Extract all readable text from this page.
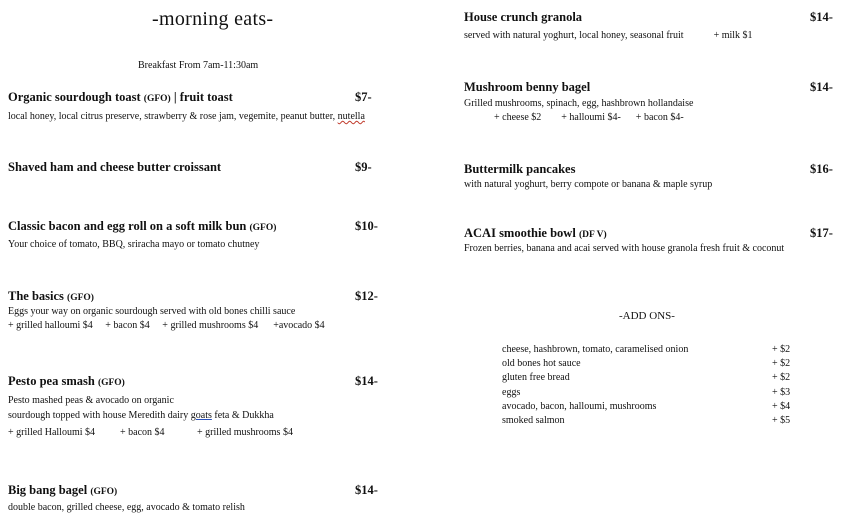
-morning eats-
Breakfast From 7am-11:30am
Organic sourdough toast (GFO) | fruit toast	$7-
local honey, local citrus preserve, strawberry & rose jam, vegemite, peanut butter, nutella
Shaved ham and cheese butter croissant	$9-
Classic bacon and egg roll on a soft milk bun (GFO)	$10-
Your choice of tomato, BBQ, sriracha mayo or tomato chutney
The basics (GFO)	$12-
Eggs your way on organic sourdough served with old bones chilli sauce
+ grilled halloumi $4     + bacon $4     + grilled mushrooms $4      +avocado $4
Pesto pea smash (GFO)	$14-
Pesto mashed peas & avocado on organic
sourdough topped with house Meredith dairy goats feta & Dukkha
+ grilled Halloumi $4          + bacon $4             + grilled mushrooms $4
Big bang bagel (GFO)	$14-
double bacon, grilled cheese, egg, avocado & tomato relish
House crunch granola	$14-
served with natural yoghurt, local honey, seasonal fruit            + milk $1
Mushroom benny bagel	$14-
Grilled mushrooms, spinach, egg, hashbrown hollandaise
+ cheese $2        + halloumi $4-      + bacon $4-
Buttermilk pancakes	$16-
with natural yoghurt, berry compote or banana & maple syrup
ACAI smoothie bowl (DF V)	$17-
Frozen berries, banana and acai served with house granola fresh fruit & coconut
-ADD ONS-
cheese, hashbrown, tomato, caramelised onion	+ $2
old bones hot sauce	+ $2
gluten free bread	+ $2
eggs	+ $3
avocado, bacon, halloumi, mushrooms	+ $4
smoked salmon	+ $5
